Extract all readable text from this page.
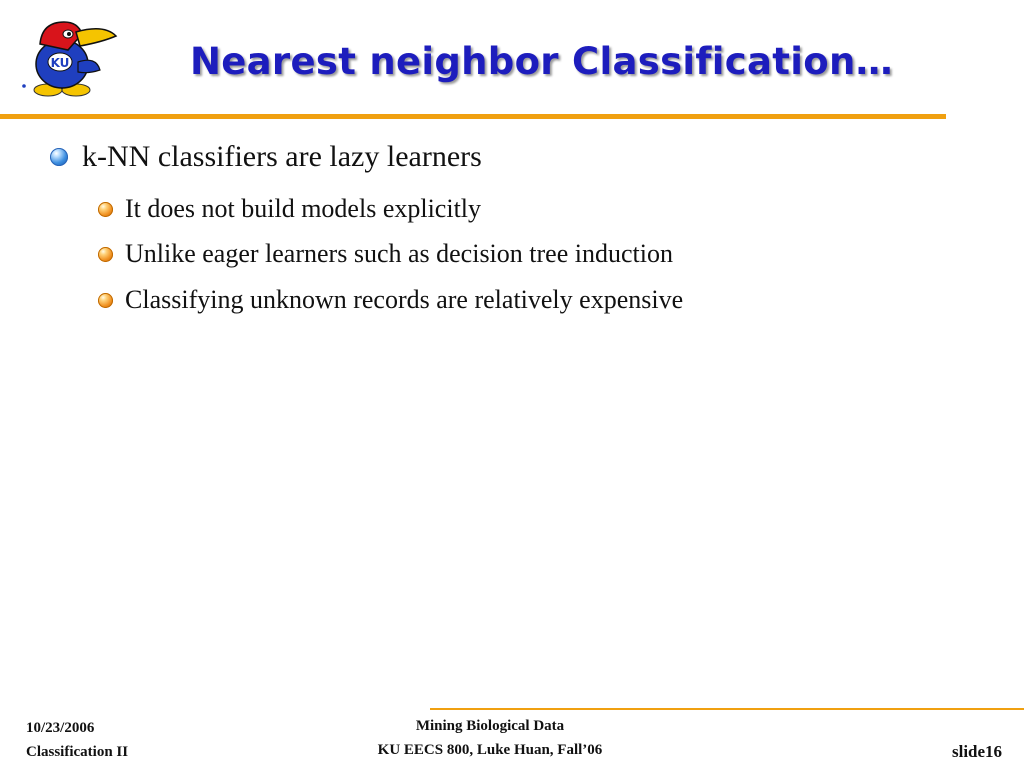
KU	Nearest neighbor Classification…
k-NN classifiers are lazy learners
It does not build models explicitly
Unlike eager learners such as decision tree induction
Classifying unknown records are relatively expensive
10/23/2006
Classification II
Mining Biological Data
KU EECS 800, Luke Huan, Fall’06	slide16
